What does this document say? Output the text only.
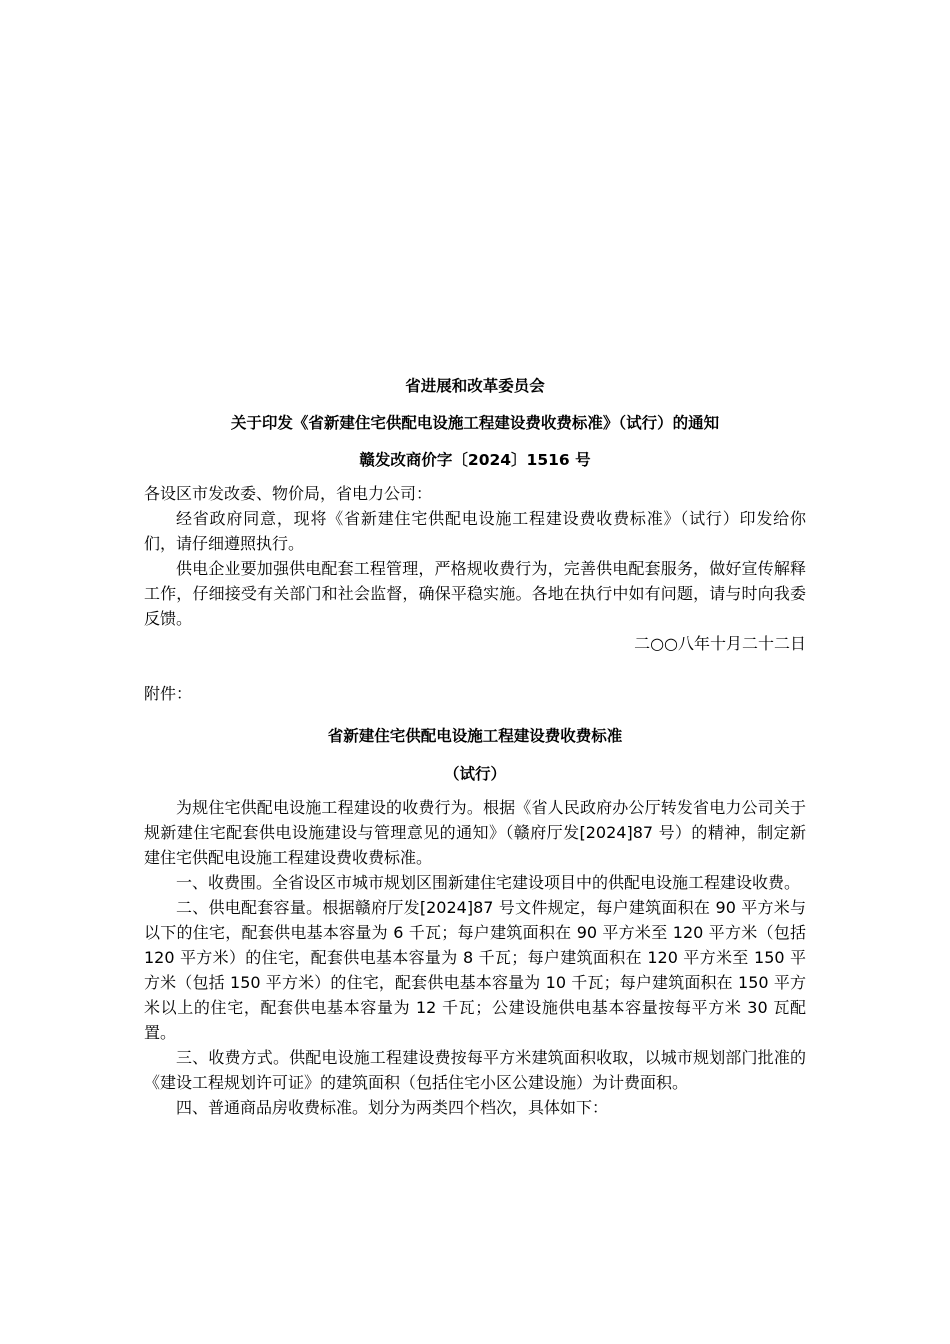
省进展和改革委员会

关于印发《省新建住宅供配电设施工程建设费收费标准》（试行）的通知

赣发改商价字〔2024〕1516 号

各设区市发改委、物价局，省电力公司：

经省政府同意，现将《省新建住宅供配电设施工程建设费收费标准》（试行）印发给你们，请仔细遵照执行。

供电企业要加强供电配套工程管理，严格规收费行为，完善供电配套服务，做好宣传解释工作，仔细接受有关部门和社会监督，确保平稳实施。各地在执行中如有问题，请与时向我委反馈。

二○○八年十月二十二日

附件：

省新建住宅供配电设施工程建设费收费标准

（试行）

为规住宅供配电设施工程建设的收费行为。根据《省人民政府办公厅转发省电力公司关于规新建住宅配套供电设施建设与管理意见的通知》（赣府厅发[2024]87 号）的精神，制定新建住宅供配电设施工程建设费收费标准。

一、收费围。全省设区市城市规划区围新建住宅建设项目中的供配电设施工程建设收费。

二、供电配套容量。根据赣府厅发[2024]87 号文件规定，每户建筑面积在 90 平方米与以下的住宅，配套供电基本容量为 6 千瓦；每户建筑面积在 90 平方米至 120 平方米（包括 120 平方米）的住宅，配套供电基本容量为 8 千瓦；每户建筑面积在 120 平方米至 150 平方米（包括 150 平方米）的住宅，配套供电基本容量为 10 千瓦；每户建筑面积在 150 平方米以上的住宅，配套供电基本容量为 12 千瓦；公建设施供电基本容量按每平方米 30 瓦配置。

三、收费方式。供配电设施工程建设费按每平方米建筑面积收取，以城市规划部门批准的《建设工程规划许可证》的建筑面积（包括住宅小区公建设施）为计费面积。

四、普通商品房收费标准。划分为两类四个档次，具体如下：
